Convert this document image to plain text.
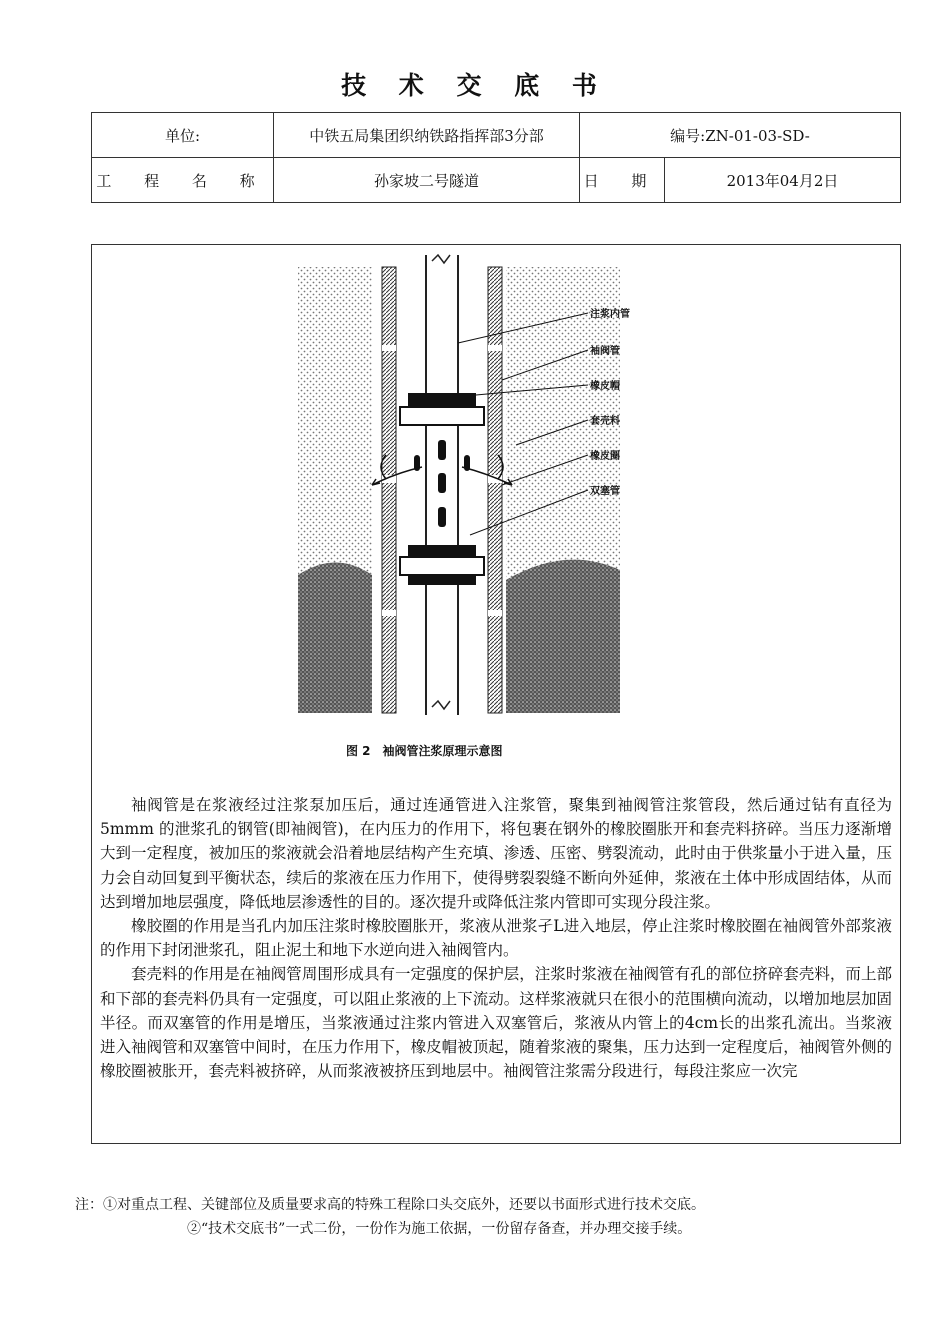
技 术 交 底 书
单位:	中铁五局集团织纳铁路指挥部3分部	编号:ZN-01-03-SD-	
工 程 名 称	孙家坡二号隧道	日 期	2013年04月2日
注浆内管
袖阀管
橡皮帽
套壳料
橡皮圈
双塞管
图 2　袖阀管注浆原理示意图

袖阀管是在浆液经过注浆泵加压后，通过连通管进入注浆管，聚集到袖阀管注浆管段，然后通过钻有直径为5mmm 的泄浆孔的钢管(即袖阀管)，在内压力的作用下，将包裹在钢外的橡胶圈胀开和套壳料挤碎。当压力逐渐增大到一定程度，被加压的浆液就会沿着地层结构产生充填、渗透、压密、劈裂流动，此时由于供浆量小于进入量，压力会自动回复到平衡状态，续后的浆液在压力作用下，使得劈裂裂缝不断向外延伸，浆液在土体中形成固结体，从而达到增加地层强度，降低地层渗透性的目的。逐次提升或降低注浆内管即可实现分段注浆。

橡胶圈的作用是当孔内加压注浆时橡胶圈胀开，浆液从泄浆孑L进入地层，停止注浆时橡胶圈在袖阀管外部浆液的作用下封闭泄浆孔，阻止泥土和地下水逆向进入袖阀管内。

套壳料的作用是在袖阀管周围形成具有一定强度的保护层，注浆时浆液在袖阀管有孔的部位挤碎套壳料，而上部和下部的套壳料仍具有一定强度，可以阻止浆液的上下流动。这样浆液就只在很小的范围横向流动，以增加地层加固半径。而双塞管的作用是增压，当浆液通过注浆内管进入双塞管后，浆液从内管上的4cm长的出浆孔流出。当浆液进入袖阀管和双塞管中间时，在压力作用下，橡皮帽被顶起，随着浆液的聚集，压力达到一定程度后，袖阀管外侧的橡胶圈被胀开，套壳料被挤碎，从而浆液被挤压到地层中。袖阀管注浆需分段进行，每段注浆应一次完

注：①对重点工程、关键部位及质量要求高的特殊工程除口头交底外，还要以书面形式进行技术交底。
②“技术交底书”一式二份，一份作为施工依据，一份留存备查，并办理交接手续。
